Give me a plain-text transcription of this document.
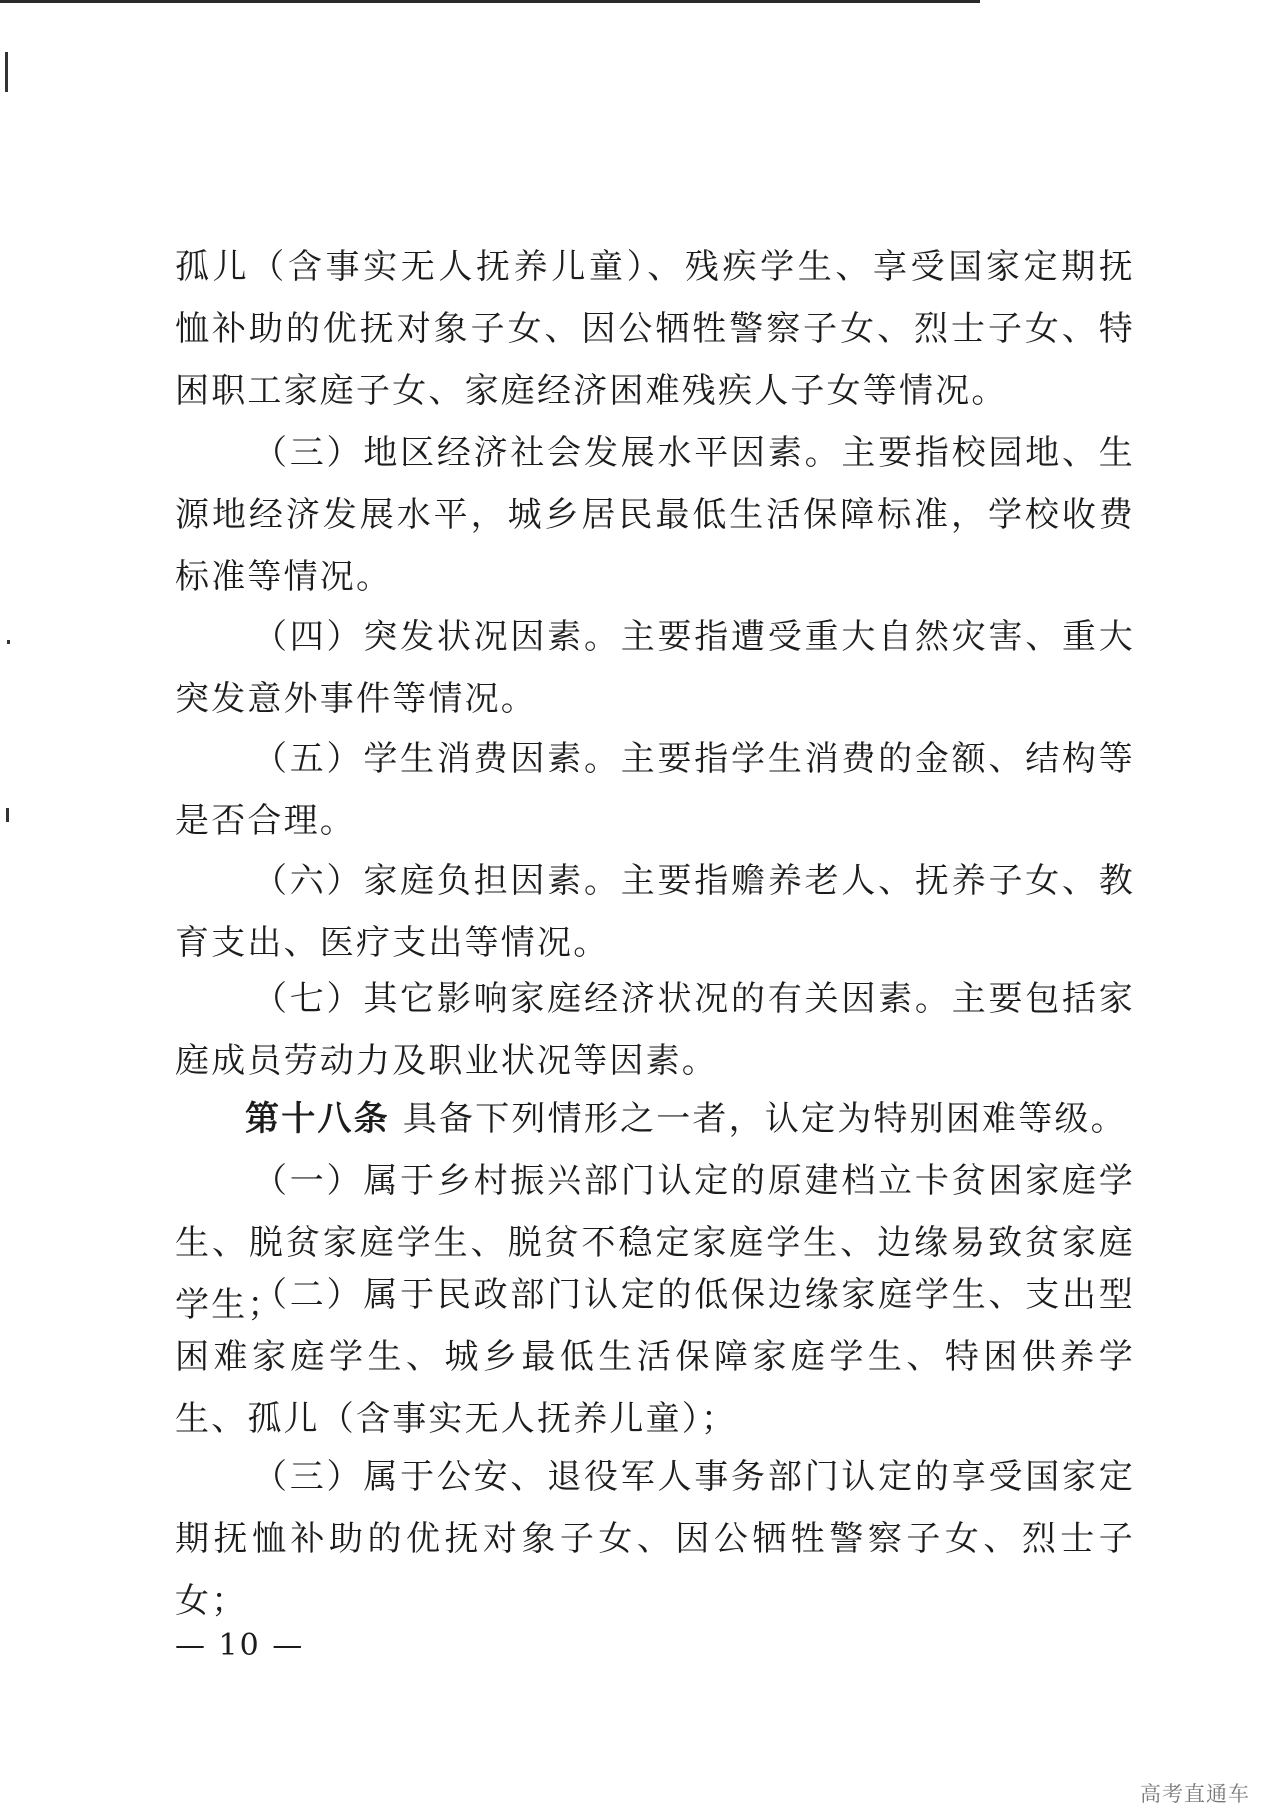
孤儿（含事实无人抚养儿童）、残疾学生、享受国家定期抚恤补助的优抚对象子女、因公牺牲警察子女、烈士子女、特困职工家庭子女、家庭经济困难残疾人子女等情况。

（三）地区经济社会发展水平因素。主要指校园地、生源地经济发展水平，城乡居民最低生活保障标准，学校收费标准等情况。

（四）突发状况因素。主要指遭受重大自然灾害、重大突发意外事件等情况。

（五）学生消费因素。主要指学生消费的金额、结构等是否合理。

（六）家庭负担因素。主要指赡养老人、抚养子女、教育支出、医疗支出等情况。

（七）其它影响家庭经济状况的有关因素。主要包括家庭成员劳动力及职业状况等因素。

第十八条 具备下列情形之一者，认定为特别困难等级。

（一）属于乡村振兴部门认定的原建档立卡贫困家庭学生、脱贫家庭学生、脱贫不稳定家庭学生、边缘易致贫家庭学生；

（二）属于民政部门认定的低保边缘家庭学生、支出型困难家庭学生、城乡最低生活保障家庭学生、特困供养学生、孤儿（含事实无人抚养儿童）；

（三）属于公安、退役军人事务部门认定的享受国家定期抚恤补助的优抚对象子女、因公牺牲警察子女、烈士子女；

— 10 —
高考直通车
